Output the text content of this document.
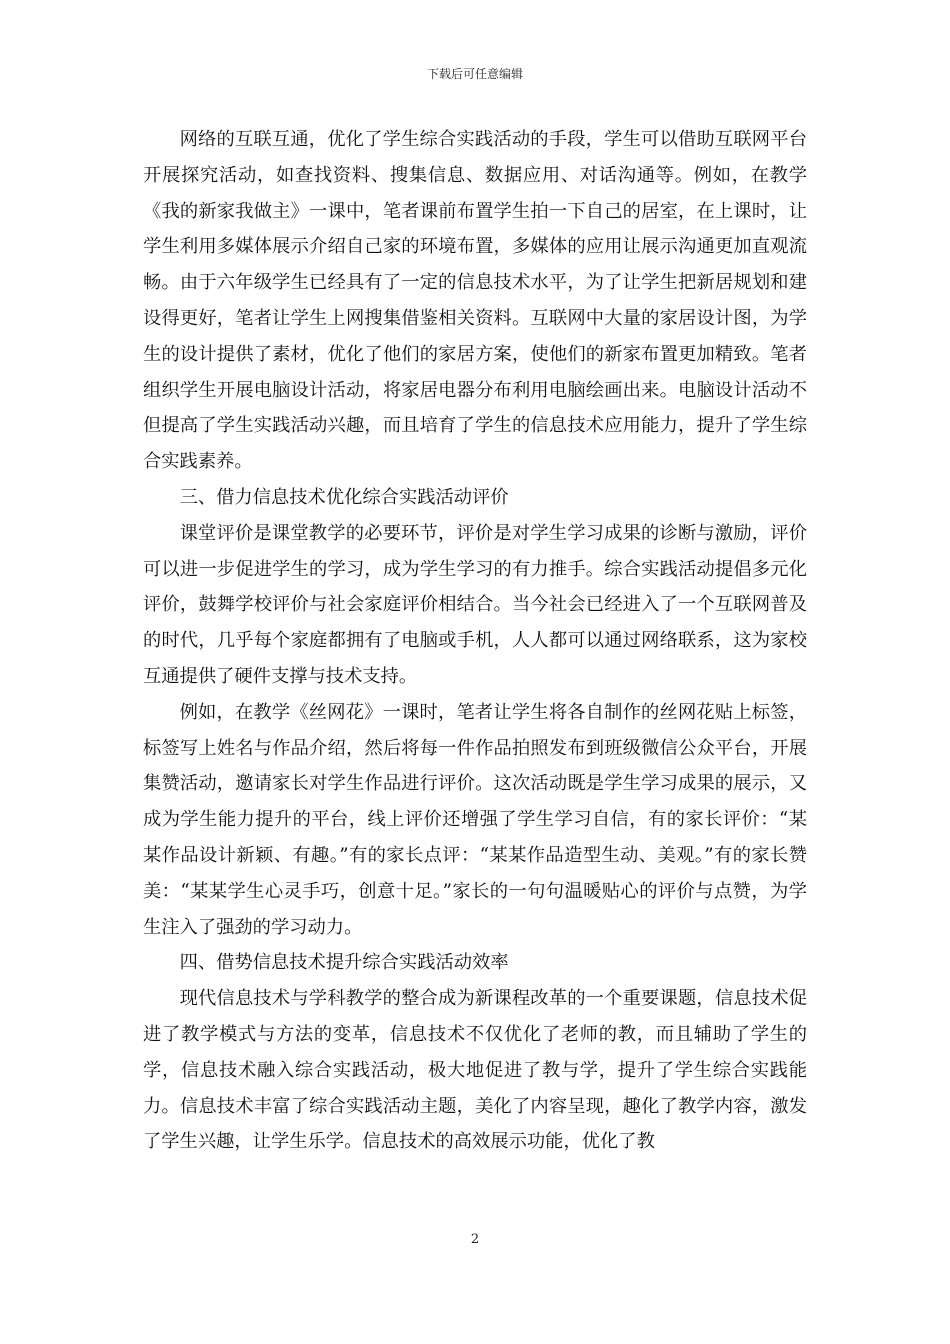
下载后可任意编辑

网络的互联互通，优化了学生综合实践活动的手段，学生可以借助互联网平台开展探究活动，如查找资料、搜集信息、数据应用、对话沟通等。例如，在教学《我的新家我做主》一课中，笔者课前布置学生拍一下自己的居室，在上课时，让学生利用多媒体展示介绍自己家的环境布置，多媒体的应用让展示沟通更加直观流畅。由于六年级学生已经具有了一定的信息技术水平，为了让学生把新居规划和建设得更好，笔者让学生上网搜集借鉴相关资料。互联网中大量的家居设计图，为学生的设计提供了素材，优化了他们的家居方案，使他们的新家布置更加精致。笔者组织学生开展电脑设计活动，将家居电器分布利用电脑绘画出来。电脑设计活动不但提高了学生实践活动兴趣，而且培育了学生的信息技术应用能力，提升了学生综合实践素养。

三、借力信息技术优化综合实践活动评价

课堂评价是课堂教学的必要环节，评价是对学生学习成果的诊断与激励，评价可以进一步促进学生的学习，成为学生学习的有力推手。综合实践活动提倡多元化评价，鼓舞学校评价与社会家庭评价相结合。当今社会已经进入了一个互联网普及的时代，几乎每个家庭都拥有了电脑或手机，人人都可以通过网络联系，这为家校互通提供了硬件支撑与技术支持。

例如，在教学《丝网花》一课时，笔者让学生将各自制作的丝网花贴上标签，标签写上姓名与作品介绍，然后将每一件作品拍照发布到班级微信公众平台，开展集赞活动，邀请家长对学生作品进行评价。这次活动既是学生学习成果的展示，又成为学生能力提升的平台，线上评价还增强了学生学习自信，有的家长评价：“某某作品设计新颖、有趣。”有的家长点评：“某某作品造型生动、美观。”有的家长赞美：“某某学生心灵手巧，创意十足。”家长的一句句温暖贴心的评价与点赞，为学生注入了强劲的学习动力。

四、借势信息技术提升综合实践活动效率

现代信息技术与学科教学的整合成为新课程改革的一个重要课题，信息技术促进了教学模式与方法的变革，信息技术不仅优化了老师的教，而且辅助了学生的学，信息技术融入综合实践活动，极大地促进了教与学，提升了学生综合实践能力。信息技术丰富了综合实践活动主题，美化了内容呈现，趣化了教学内容，激发了学生兴趣，让学生乐学。信息技术的高效展示功能，优化了教

2
